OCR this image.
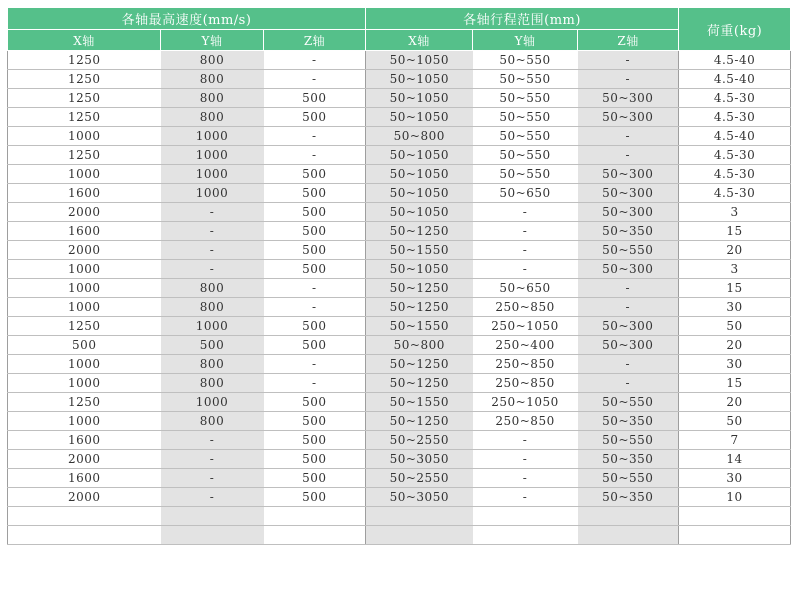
各轴最高速度(mm/s)			各轴行程范围(mm)			荷重(kg)
X轴	Y轴	Z轴	X轴	Y轴	Z轴	
1250	800	-	50~1050	50~550	-	4.5-40
1250	800	-	50~1050	50~550	-	4.5-40
1250	800	500	50~1050	50~550	50~300	4.5-30
1250	800	500	50~1050	50~550	50~300	4.5-30
1000	1000	-	50~800	50~550	-	4.5-40
1250	1000	-	50~1050	50~550	-	4.5-30
1000	1000	500	50~1050	50~550	50~300	4.5-30
1600	1000	500	50~1050	50~650	50~300	4.5-30
2000	-	500	50~1050	-	50~300	3
1600	-	500	50~1250	-	50~350	15
2000	-	500	50~1550	-	50~550	20
1000	-	500	50~1050	-	50~300	3
1000	800	-	50~1250	50~650	-	15
1000	800	-	50~1250	250~850	-	30
1250	1000	500	50~1550	250~1050	50~300	50
500	500	500	50~800	250~400	50~300	20
1000	800	-	50~1250	250~850	-	30
1000	800	-	50~1250	250~850	-	15
1250	1000	500	50~1550	250~1050	50~550	20
1000	800	500	50~1250	250~850	50~350	50
1600	-	500	50~2550	-	50~550	7
2000	-	500	50~3050	-	50~350	14
1600	-	500	50~2550	-	50~550	30
2000	-	500	50~3050	-	50~350	10
